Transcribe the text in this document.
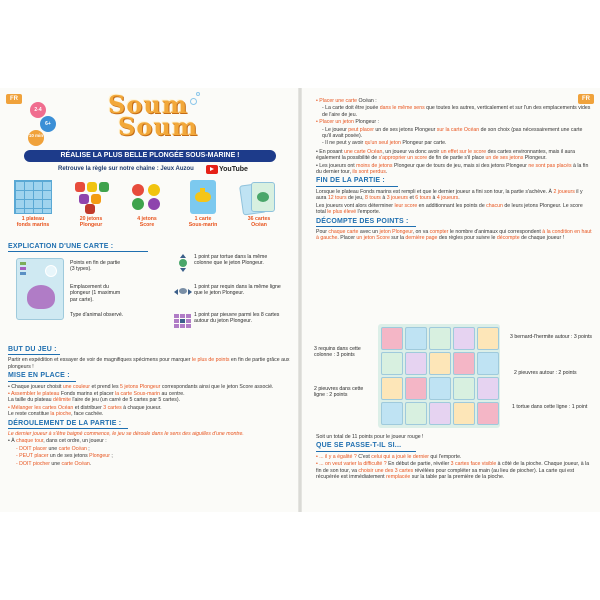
FR
2-4
6+
10 min
Soum
Soum
RÉALISE LA PLUS BELLE PLONGÉE SOUS-MARINE !
Retrouve la règle sur notre chaîne : Jeux Auzou	YouTube
1 plateau
fonds marins
20 jetons
Plongeur
4 jetons
Score
1 carte
Sous-marin
36 cartes
Océan
EXPLICATION D'UNE CARTE :
Points en fin de partie (3 types).
Emplacement du plongeur (1 maximum par carte).
Type d'animal observé.
1 point par tortue dans la même colonne que le jeton Plongeur.
1 point par requin dans la même ligne que le jeton Plongeur.
1 point par pieuvre parmi les 8 cartes autour du jeton Plongeur.
BUT DU JEU :

Partir en expédition et essayer de voir de magnifiques spécimens pour marquer le plus de points en fin de partie grâce aux plongeurs !

MISE EN PLACE :

• Chaque joueur choisit une couleur et prend les 5 jetons Plongeur correspondants ainsi que le jeton Score associé.

• Assembler le plateau Fonds marins et placer la carte Sous-marin au centre.
La taille du plateau délimite l'aire de jeu (un carré de 5 cartes par 5 cartes).

• Mélanger les cartes Océan et distribuer 3 cartes à chaque joueur.
Le reste constitue la pioche, face cachée.

DÉROULEMENT DE LA PARTIE :

Le dernier joueur à s'être baigné commence, le jeu se déroule dans le sens des aiguilles d'une montre.

• À chaque tour, dans cet ordre, un joueur :

- DOIT placer une carte Océan ;

- PEUT placer un de ses jetons Plongeur ;

- DOIT piocher une carte Océan.

FR

• Placer une carte Océan :

- La carte doit être jouée dans le même sens que toutes les autres, verticalement et sur l'un des emplacements vides de l'aire de jeu.

• Placer un jeton Plongeur :

- Le joueur peut placer un de ses jetons Plongeur sur la carte Océan de son choix (pas nécessairement une carte qu'il avait posée).

- Il ne peut y avoir qu'un seul jeton Plongeur par carte.

• En posant une carte Océan, un joueur va donc avoir un effet sur le score des cartes environnantes, mais il aura également la possibilité de s'approprier un score de fin de partie s'il place un de ses jetons Plongeur.

• Les joueurs ont moins de jetons Plongeur que de tours de jeu, mais si des jetons Plongeur ne sont pas placés à la fin du dernier tour, ils sont perdus.

FIN DE LA PARTIE :

Lorsque le plateau Fonds marins est rempli et que le dernier joueur a fini son tour, la partie s'achève. À 2 joueurs il y aura 12 tours de jeu, 8 tours à 3 joueurs et 6 tours à 4 joueurs.

Les joueurs vont alors déterminer leur score en additionnant les points de chacun de leurs jetons Plongeur. Le score total le plus élevé l'emporte.

DÉCOMPTE DES POINTS :

Pour chaque carte avec un jeton Plongeur, on va compter le nombre d'animaux qui correspondent à la condition en haut à gauche. Placer un jeton Score sur la dernière page des règles pour suivre le décompte de chaque joueur !

3 requins dans cette colonne : 3 points
2 pieuvres dans cette ligne : 2 points
3 bernard-l'hermite autour : 3 points
2 pieuvres autour : 2 points
1 tortue dans cette ligne : 1 point

Soit un total de 11 points pour le joueur rouge !

QUE SE PASSE-T-IL SI...

• ... il y a égalité ? C'est celui qui a joué le dernier qui l'emporte.

• ... on veut varier la difficulté ? En début de partie, révéler 3 cartes face visible à côté de la pioche. Chaque joueur, à la fin de son tour, va choisir une des 3 cartes révélées pour compléter sa main (au lieu de piocher). La carte qui est récupérée est immédiatement remplacée sur la table par la première de la pioche.
